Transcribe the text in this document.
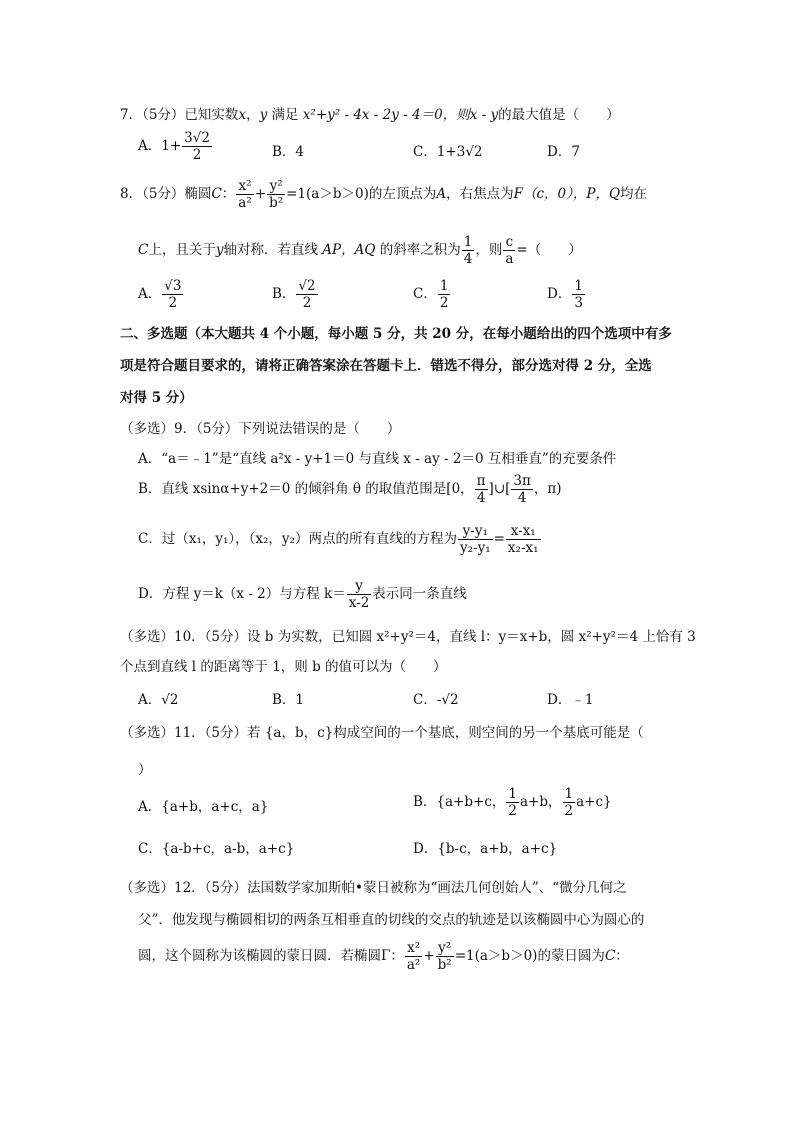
7．（5分）已知实数x，y 满足 x²+y² - 4x - 2y - 4＝0，则x - y的最大值是（　　）
A．$1+ \frac{3√2}{2}$	B．4	C．1+3√2	D．7
8．（5分）椭圆C： $\frac{\text{x²}}{\text{a²}} + \frac{\text{y²}}{\text{b²}} =1(a>b>0)$的左顶点为A，右焦点为F（c，0），P，Q均在
C上，且关于y轴对称．若直线 AP，AQ 的斜率之积为 $\frac{1}{4}$ ，则 $\frac{c}{a}$ =（　　）
A． $\frac{√3}{2}$	B． $\frac{√2}{2}$	C． $\frac{1}{2}$	D． $\frac{1}{3}$
二、多选题（本大题共 4 个小题，每小题 5 分，共 20 分，在每小题给出的四个选项中有多
项是符合题目要求的，请将正确答案涂在答题卡上．错选不得分，部分选对得 2 分，全选
对得 5 分）
（多选）9．（5分）下列说法错误的是（　　）
A．“a＝﹣1”是“直线 a²x - y+1＝0 与直线 x - ay - 2＝0 互相垂直”的充要条件
B．直线 xsinα+y+2＝0 的倾斜角 θ 的取值范围是[0， $\frac{\pi}{4}$ ]∪[ $\frac{3\pi}{4}$ ，π)
C．过（x₁，y₁），（x₂，y₂）两点的所有直线的方程为 $\frac{\text{y-y₁}}{\text{y₂-y₁}} = \frac{\text{x-x₁}}{\text{x₂-x₁}}$
D．方程 y＝k（x - 2）与方程 $k= \frac{y}{x-2}$ 表示同一条直线
（多选）10．（5分）设 b 为实数，已知圆 x²+y²＝4，直线 l：y＝x+b，圆 x²+y²＝4 上恰有 3
个点到直线 l 的距离等于 1，则 b 的值可以为（　　）
A．√2	B．1	C．-√2	D．﹣1
（多选）11．（5分）若 {a，b，c}构成空间的一个基底，则空间的另一个基底可能是（
）
A．{a+b，a+c，a}	B．{a+b+c， $\frac{1}{2} a+b$， $\frac{1}{2} a+c$}
C．{a-b+c，a-b，a+c}	D．{b-c，a+b，a+c}
（多选）12．（5分）法国数学家加斯帕•蒙日被称为“画法几何创始人”、“微分几何之
父”．他发现与椭圆相切的两条互相垂直的切线的交点的轨迹是以该椭圆中心为圆心的
圆，这个圆称为该椭圆的蒙日圆．若椭圆Γ： $\frac{\text{x²}}{\text{a²}} + \frac{\text{y²}}{\text{b²}} =1(a>b>0)$的蒙日圆为C：
